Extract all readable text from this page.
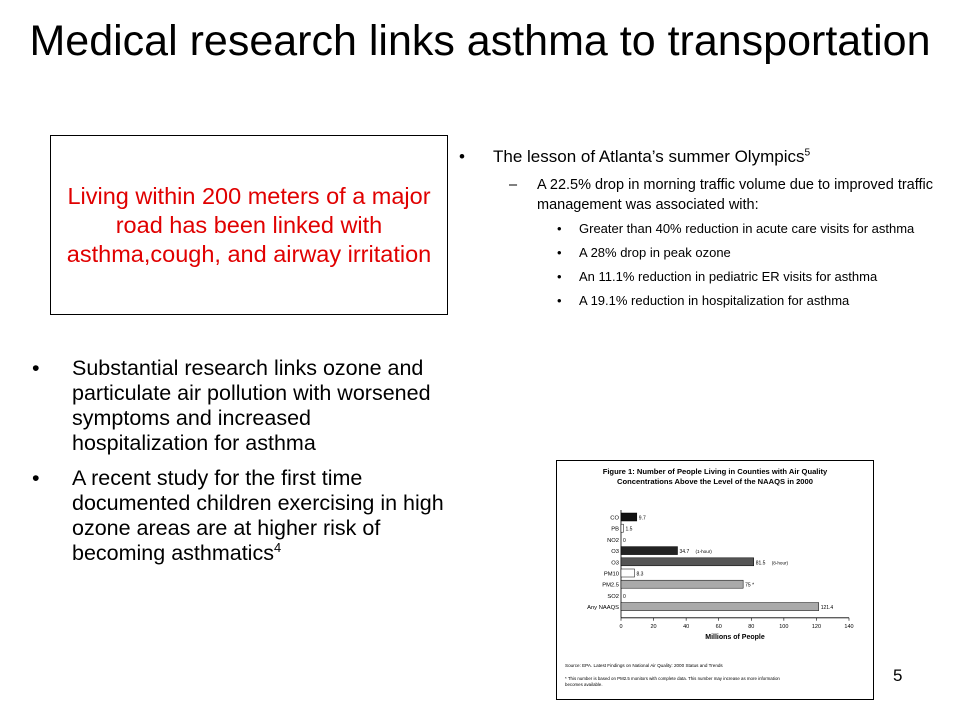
Medical research links asthma to transportation
Living within 200 meters of a major road has been linked with asthma,cough, and airway irritation
• Substantial research links ozone and particulate air pollution with worsened symptoms and increased hospitalization for asthma
• A recent study for the first time documented children exercising in high ozone areas are at higher risk of becoming asthmatics$^4$
• The lesson of Atlanta’s summer Olympics$^5$
– A 22.5% drop in morning traffic volume due to improved traffic management was associated with:
• Greater than 40% reduction in acute care visits for asthma
• A 28% drop in peak ozone
• An 11.1% reduction in pediatric ER visits for asthma
• A 19.1% reduction in hospitalization for asthma
Figure 1: Number of People Living in Counties with Air Quality
Concentrations Above the Level of the NAAQS in 2000
0	20	40	60	80	100	120	140
Millions of People
CO	9.7
PB 1.5
NO2 0
O3	34.7 (1-hour)
O3	81.5 (8-hour)
PM10	8.3
PM2.5	75 *
SO2 0
Any NAAQS	121.4
Source: EPA. Latest Findings on National Air Quality: 2000 Status and Trends
* This number is based on PM2.5 monitors with complete data. This number may increase as more information
becomes available.	5
